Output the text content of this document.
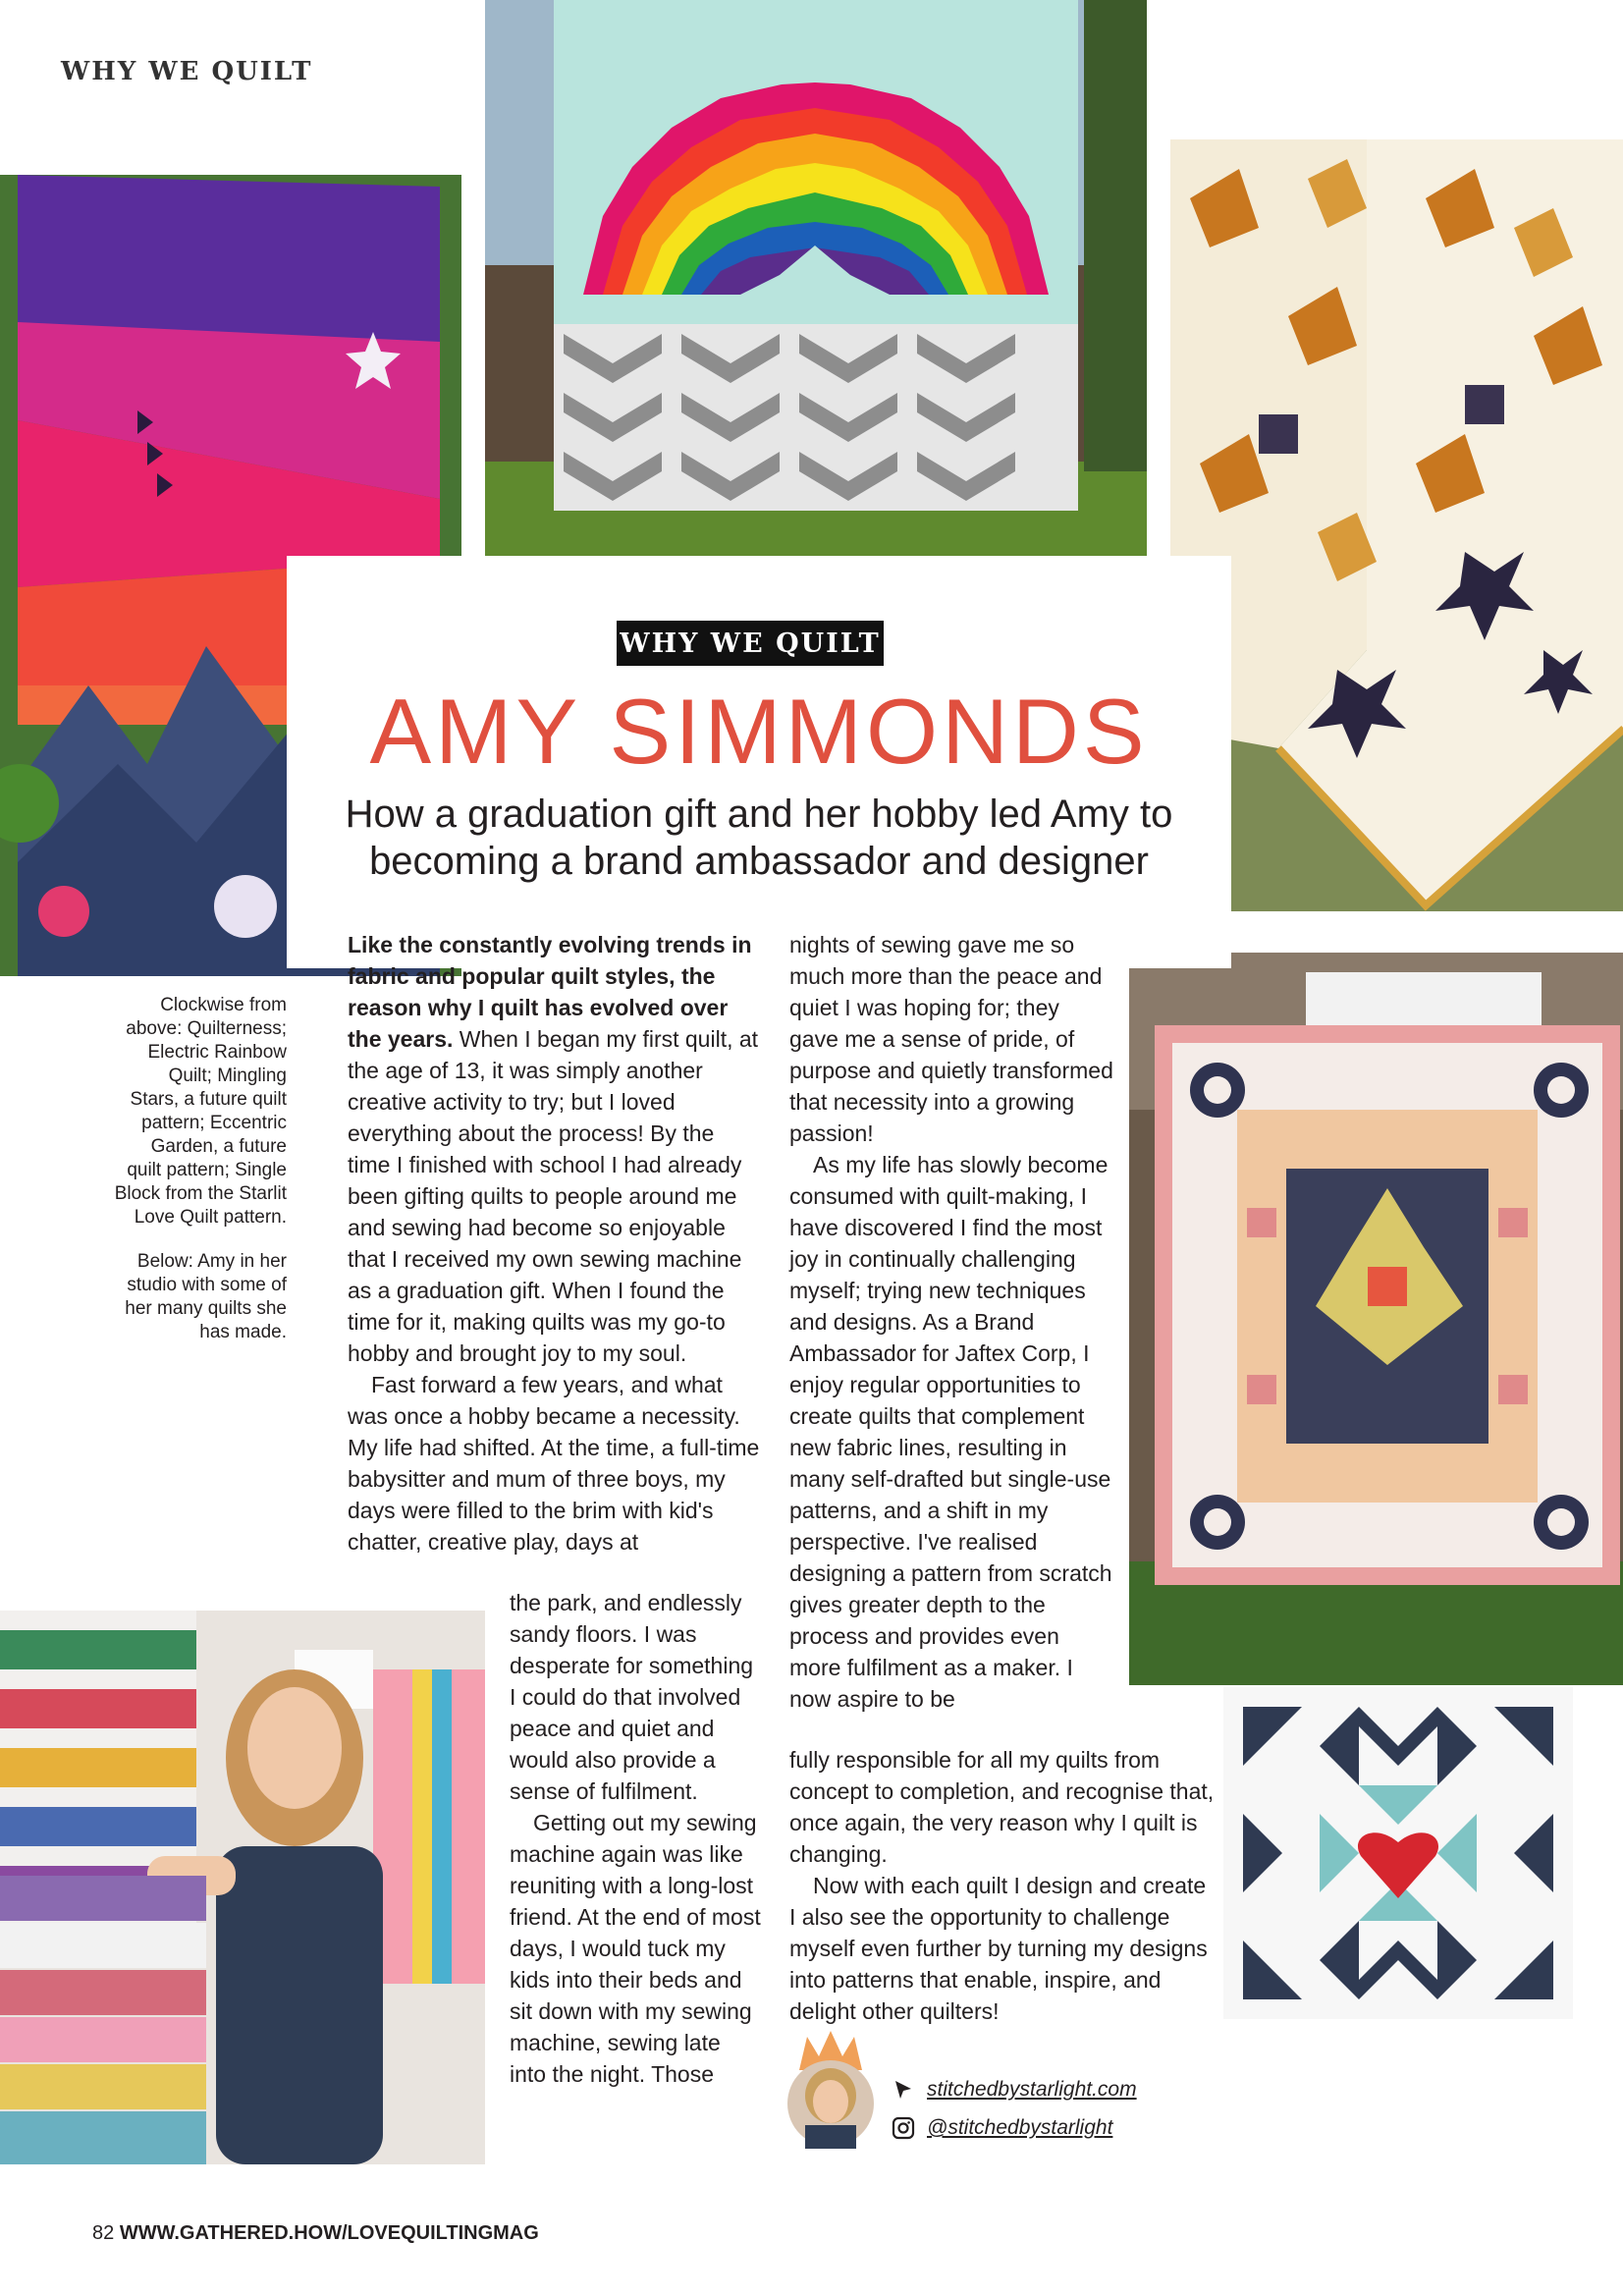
WHY WE QUILT
WHY WE QUILT
AMY SIMMONDS
How a graduation gift and her hobby led Amy to
becoming a brand ambassador and designer
Clockwise from
above: Quilterness;
Electric Rainbow
Quilt; Mingling
Stars, a future quilt
pattern; Eccentric
Garden, a future
quilt pattern; Single
Block from the Starlit
Love Quilt pattern.
Below: Amy in her
studio with some of
her many quilts she
has made.

Like the constantly evolving trends in fabric and popular quilt styles, the reason why I quilt has evolved over the years. When I began my first quilt, at the age of 13, it was simply another creative activity to try; but I loved everything about the process! By the time I finished with school I had already been gifting quilts to people around me and sewing had become so enjoyable that I received my own sewing machine as a graduation gift. When I found the time for it, making quilts was my go-to hobby and brought joy to my soul.

Fast forward a few years, and what was once a hobby became a necessity. My life had shifted. At the time, a full-time babysitter and mum of three boys, my days were filled to the brim with kid's chatter, creative play, days at

the park, and endlessly sandy floors. I was desperate for something I could do that involved peace and quiet and would also provide a sense of fulfilment.

Getting out my sewing machine again was like reuniting with a long-lost friend. At the end of most days, I would tuck my kids into their beds and sit down with my sewing machine, sewing late into the night. Those

nights of sewing gave me so much more than the peace and quiet I was hoping for; they gave me a sense of pride, of purpose and quietly transformed that necessity into a growing passion!

As my life has slowly become consumed with quilt-making, I have discovered I find the most joy in continually challenging myself; trying new techniques and designs. As a Brand Ambassador for Jaftex Corp, I enjoy regular opportunities to create quilts that complement new fabric lines, resulting in many self-drafted but single-use patterns, and a shift in my perspective. I've realised designing a pattern from scratch gives greater depth to the process and provides even more fulfilment as a maker. I now aspire to be

fully responsible for all my quilts from concept to completion, and recognise that, once again, the very reason why I quilt is changing.

Now with each quilt I design and create I also see the opportunity to challenge myself even further by turning my designs into patterns that enable, inspire, and delight other quilters!

stitchedbystarlight.com
@stitchedbystarlight
82 WWW.GATHERED.HOW/LOVEQUILTINGMAG
